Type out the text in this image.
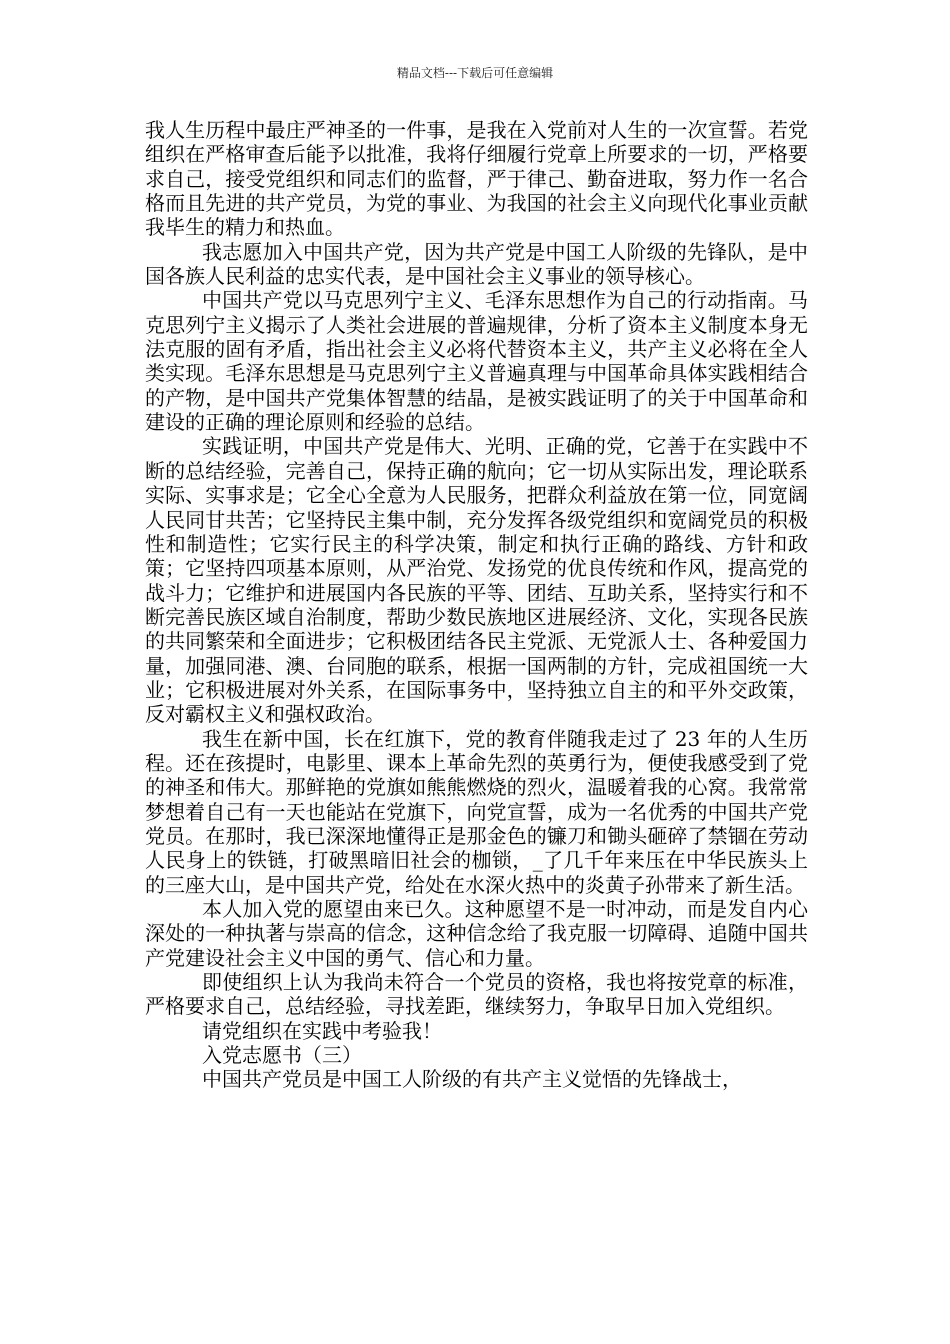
精品文档---下载后可任意编辑

我人生历程中最庄严神圣的一件事，是我在入党前对人生的一次宣誓。若党组织在严格审查后能予以批准，我将仔细履行党章上所要求的一切，严格要求自己，接受党组织和同志们的监督，严于律己、勤奋进取，努力作一名合格而且先进的共产党员，为党的事业、为我国的社会主义向现代化事业贡献我毕生的精力和热血。

我志愿加入中国共产党，因为共产党是中国工人阶级的先锋队，是中国各族人民利益的忠实代表，是中国社会主义事业的领导核心。

中国共产党以马克思列宁主义、毛泽东思想作为自己的行动指南。马克思列宁主义揭示了人类社会进展的普遍规律，分析了资本主义制度本身无法克服的固有矛盾，指出社会主义必将代替资本主义，共产主义必将在全人类实现。毛泽东思想是马克思列宁主义普遍真理与中国革命具体实践相结合的产物，是中国共产党集体智慧的结晶，是被实践证明了的关于中国革命和建设的正确的理论原则和经验的总结。

实践证明，中国共产党是伟大、光明、正确的党，它善于在实践中不断的总结经验，完善自己，保持正确的航向；它一切从实际出发，理论联系实际、实事求是；它全心全意为人民服务，把群众利益放在第一位，同宽阔人民同甘共苦；它坚持民主集中制，充分发挥各级党组织和宽阔党员的积极性和制造性；它实行民主的科学决策，制定和执行正确的路线、方针和政策；它坚持四项基本原则，从严治党、发扬党的优良传统和作风，提高党的战斗力；它维护和进展国内各民族的平等、团结、互助关系，坚持实行和不断完善民族区域自治制度，帮助少数民族地区进展经济、文化，实现各民族的共同繁荣和全面进步；它积极团结各民主党派、无党派人士、各种爱国力量，加强同港、澳、台同胞的联系，根据一国两制的方针，完成祖国统一大业；它积极进展对外关系，在国际事务中，坚持独立自主的和平外交政策，反对霸权主义和强权政治。

我生在新中国，长在红旗下，党的教育伴随我走过了 23 年的人生历程。还在孩提时，电影里、课本上革命先烈的英勇行为，便使我感受到了党的神圣和伟大。那鲜艳的党旗如熊熊燃烧的烈火，温暖着我的心窝。我常常梦想着自己有一天也能站在党旗下，向党宣誓，成为一名优秀的中国共产党党员。在那时，我已深深地懂得正是那金色的镰刀和锄头砸碎了禁锢在劳动人民身上的铁链，打破黑暗旧社会的枷锁，_了几千年来压在中华民族头上的三座大山，是中国共产党，给处在水深火热中的炎黄子孙带来了新生活。

本人加入党的愿望由来已久。这种愿望不是一时冲动，而是发自内心深处的一种执著与崇高的信念，这种信念给了我克服一切障碍、追随中国共产党建设社会主义中国的勇气、信心和力量。

即使组织上认为我尚未符合一个党员的资格，我也将按党章的标准，严格要求自己，总结经验，寻找差距，继续努力，争取早日加入党组织。

请党组织在实践中考验我！

入党志愿书（三）

中国共产党员是中国工人阶级的有共产主义觉悟的先锋战士，
